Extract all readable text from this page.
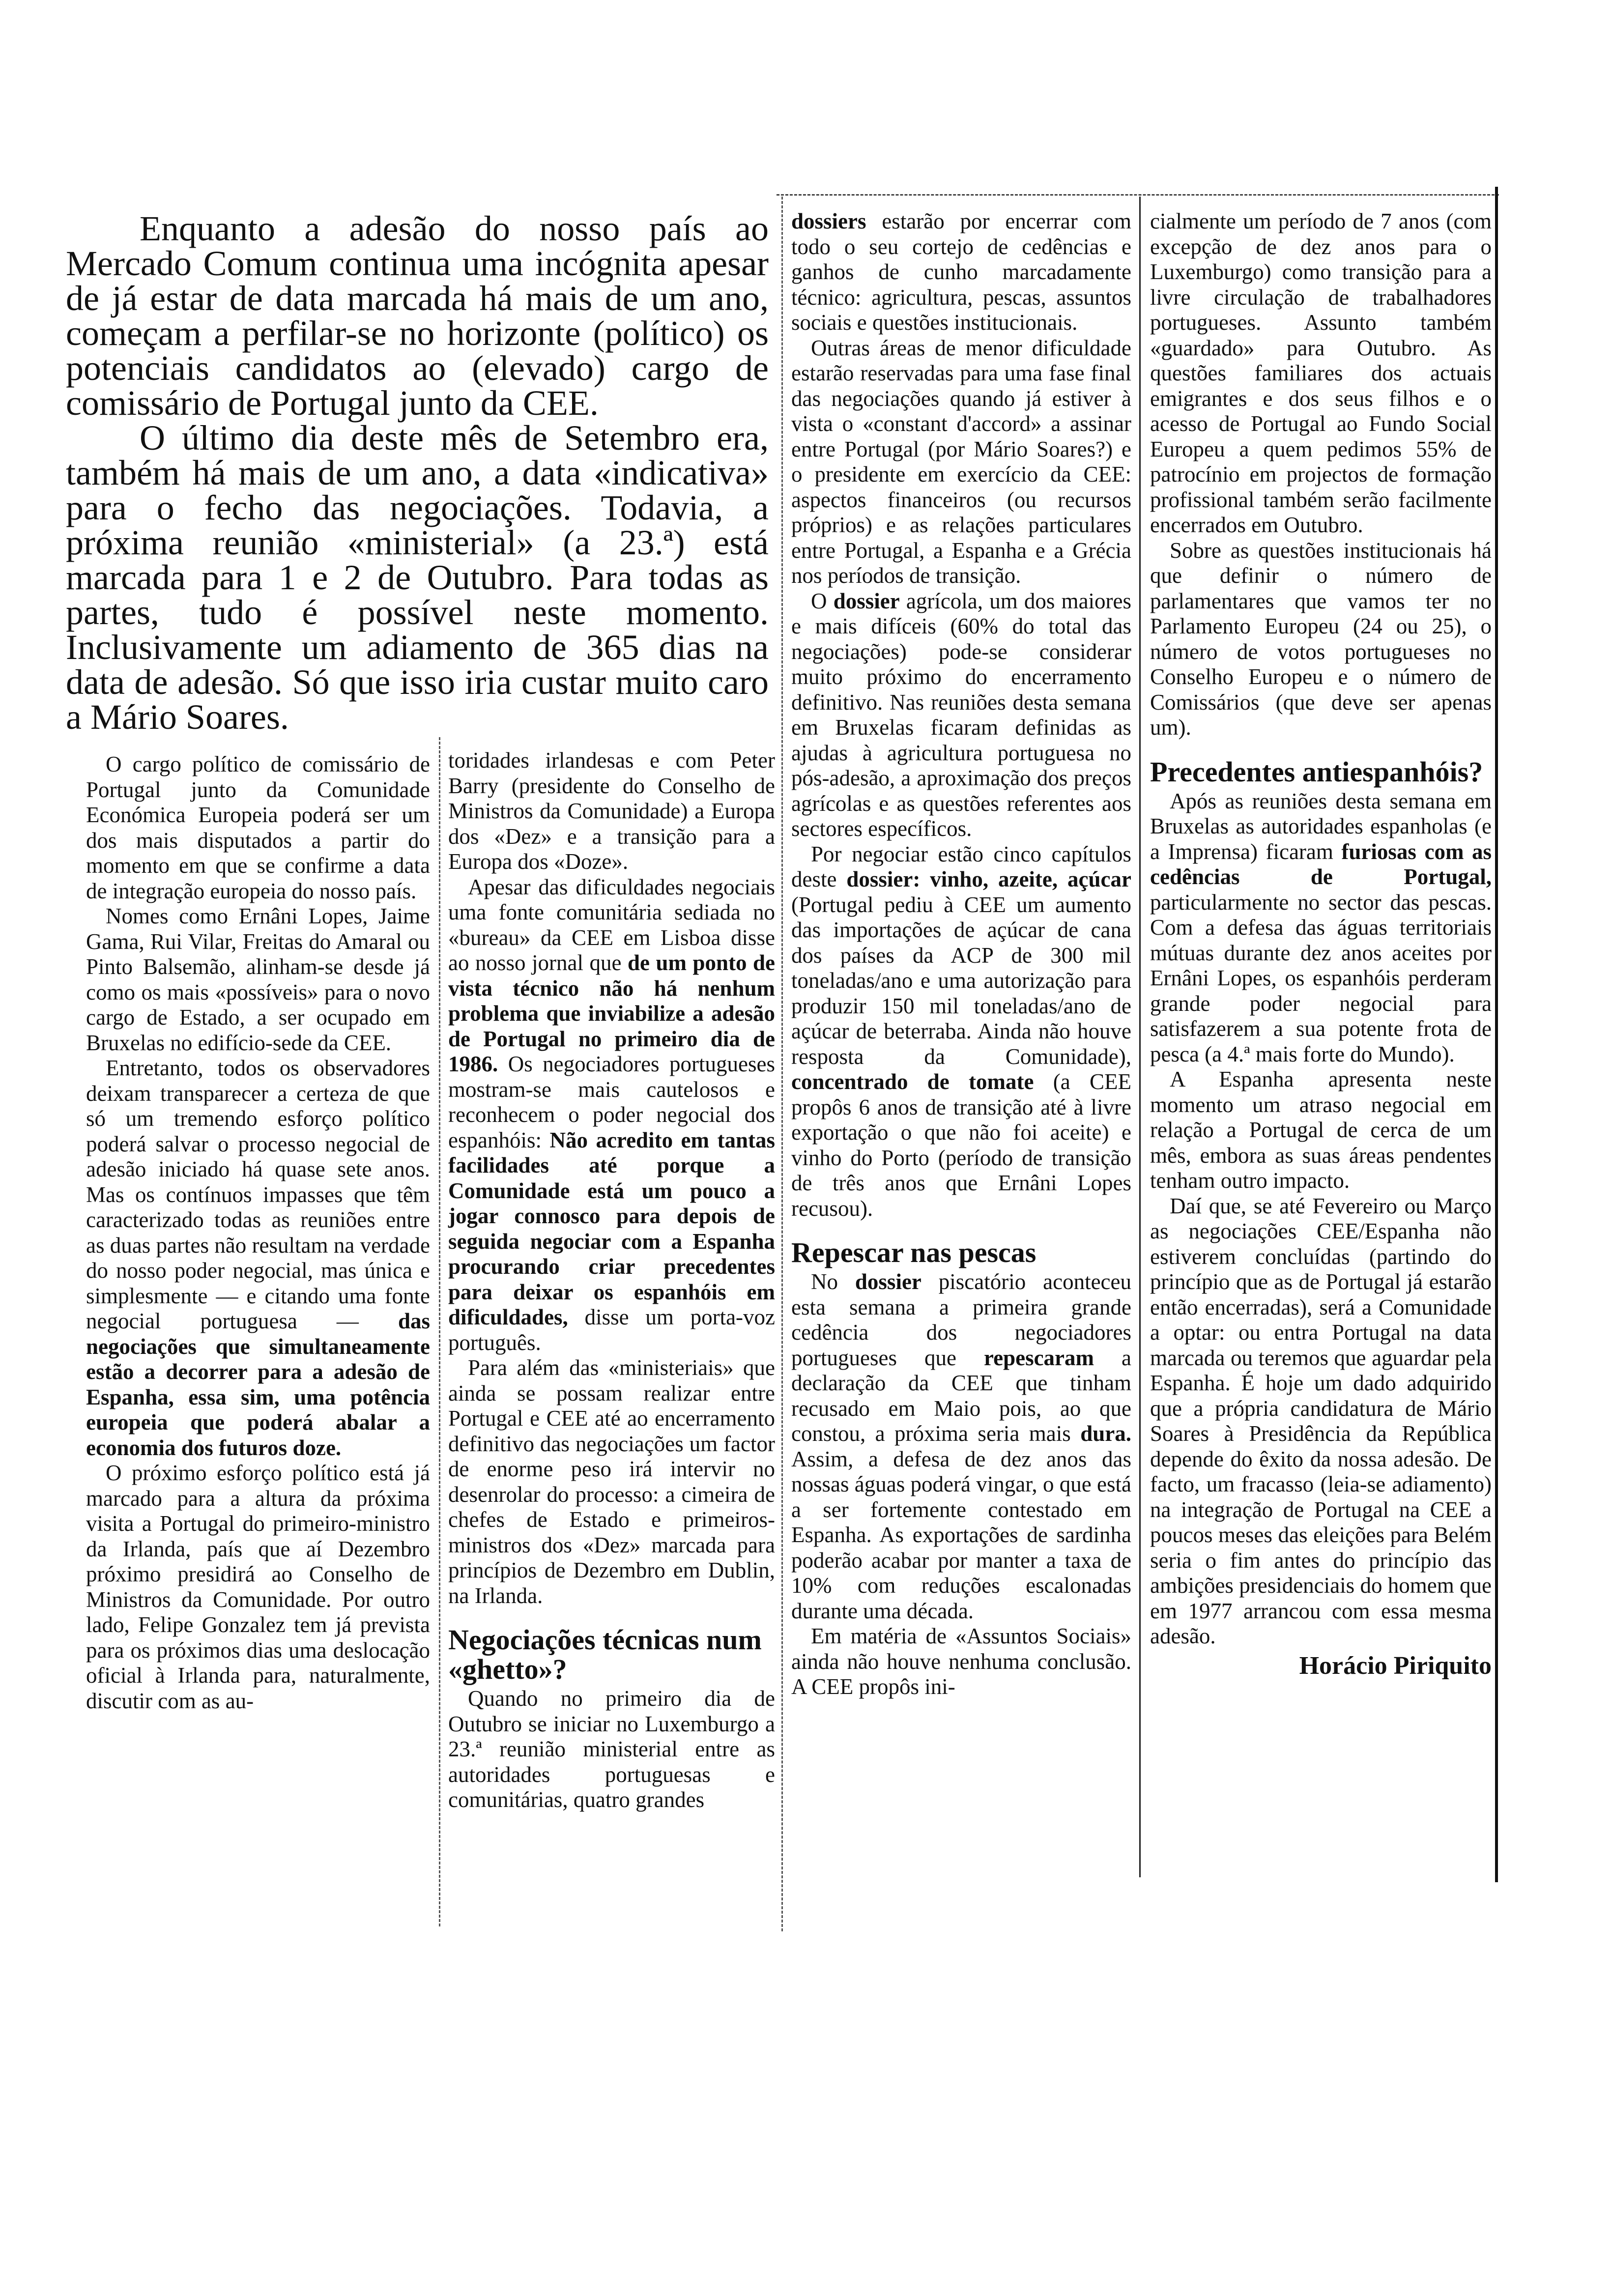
Enquanto a adesão do nosso país ao Mercado Comum continua uma incógnita apesar de já estar de data marcada há mais de um ano, começam a perfilar-se no horizonte (político) os potenciais candidatos ao (elevado) cargo de comissário de Portugal junto da CEE.

O último dia deste mês de Setembro era, também há mais de um ano, a data «indicativa» para o fecho das negociações. Todavia, a próxima reunião «ministerial» (a 23.ª) está marcada para 1 e 2 de Outubro. Para todas as partes, tudo é possível neste momento. Inclusivamente um adiamento de 365 dias na data de adesão. Só que isso iria custar muito caro a Mário Soares.

O cargo político de comissário de Portugal junto da Comunidade Económica Europeia poderá ser um dos mais disputados a partir do momento em que se confirme a data de integração europeia do nosso país.

Nomes como Ernâni Lopes, Jaime Gama, Rui Vilar, Freitas do Amaral ou Pinto Balsemão, alinham-se desde já como os mais «possíveis» para o novo cargo de Estado, a ser ocupado em Bruxelas no edifício-sede da CEE.

Entretanto, todos os observadores deixam transparecer a certeza de que só um tremendo esforço político poderá salvar o processo negocial de adesão iniciado há quase sete anos. Mas os contínuos impasses que têm caracterizado todas as reuniões entre as duas partes não resultam na verdade do nosso poder negocial, mas única e simplesmente — e citando uma fonte negocial portuguesa — das negociações que simultaneamente estão a decorrer para a adesão de Espanha, essa sim, uma potência europeia que poderá abalar a economia dos futuros doze.

O próximo esforço político está já marcado para a altura da próxima visita a Portugal do primeiro-ministro da Irlanda, país que aí Dezembro próximo presidirá ao Conselho de Ministros da Comunidade. Por outro lado, Felipe Gonzalez tem já prevista para os próximos dias uma deslocação oficial à Irlanda para, naturalmente, discutir com as au-

toridades irlandesas e com Peter Barry (presidente do Conselho de Ministros da Comunidade) a Europa dos «Dez» e a transição para a Europa dos «Doze».

Apesar das dificuldades negociais uma fonte comunitária sediada no «bureau» da CEE em Lisboa disse ao nosso jornal que de um ponto de vista técnico não há nenhum problema que inviabilize a adesão de Portugal no primeiro dia de 1986. Os negociadores portugueses mostram-se mais cautelosos e reconhecem o poder negocial dos espanhóis: Não acredito em tantas facilidades até porque a Comunidade está um pouco a jogar connosco para depois de seguida negociar com a Espanha procurando criar precedentes para deixar os espanhóis em dificuldades, disse um porta-voz português.

Para além das «ministeriais» que ainda se possam realizar entre Portugal e CEE até ao encerramento definitivo das negociações um factor de enorme peso irá intervir no desenrolar do processo: a cimeira de chefes de Estado e primeiros-ministros dos «Dez» marcada para princípios de Dezembro em Dublin, na Irlanda.

Negociações técnicas num «ghetto»?

Quando no primeiro dia de Outubro se iniciar no Luxemburgo a 23.ª reunião ministerial entre as autoridades portuguesas e comunitárias, quatro grandes

dossiers estarão por encerrar com todo o seu cortejo de cedências e ganhos de cunho marcadamente técnico: agricultura, pescas, assuntos sociais e questões institucionais.

Outras áreas de menor dificuldade estarão reservadas para uma fase final das negociações quando já estiver à vista o «constant d'accord» a assinar entre Portugal (por Mário Soares?) e o presidente em exercício da CEE: aspectos financeiros (ou recursos próprios) e as relações particulares entre Portugal, a Espanha e a Grécia nos períodos de transição.

O dossier agrícola, um dos maiores e mais difíceis (60% do total das negociações) pode-se considerar muito próximo do encerramento definitivo. Nas reuniões desta semana em Bruxelas ficaram definidas as ajudas à agricultura portuguesa no pós-adesão, a aproximação dos preços agrícolas e as questões referentes aos sectores específicos.

Por negociar estão cinco capítulos deste dossier: vinho, azeite, açúcar (Portugal pediu à CEE um aumento das importações de açúcar de cana dos países da ACP de 300 mil toneladas/ano e uma autorização para produzir 150 mil toneladas/ano de açúcar de beterraba. Ainda não houve resposta da Comunidade), concentrado de tomate (a CEE propôs 6 anos de transição até à livre exportação o que não foi aceite) e vinho do Porto (período de transição de três anos que Ernâni Lopes recusou).

Repescar nas pescas

No dossier piscatório aconteceu esta semana a primeira grande cedência dos negociadores portugueses que repescaram a declaração da CEE que tinham recusado em Maio pois, ao que constou, a próxima seria mais dura. Assim, a defesa de dez anos das nossas águas poderá vingar, o que está a ser fortemente contestado em Espanha. As exportações de sardinha poderão acabar por manter a taxa de 10% com reduções escalonadas durante uma década.

Em matéria de «Assuntos Sociais» ainda não houve nenhuma conclusão. A CEE propôs ini-

cialmente um período de 7 anos (com excepção de dez anos para o Luxemburgo) como transição para a livre circulação de trabalhadores portugueses. Assunto também «guardado» para Outubro. As questões familiares dos actuais emigrantes e dos seus filhos e o acesso de Portugal ao Fundo Social Europeu a quem pedimos 55% de patrocínio em projectos de formação profissional também serão facilmente encerrados em Outubro.

Sobre as questões institucionais há que definir o número de parlamentares que vamos ter no Parlamento Europeu (24 ou 25), o número de votos portugueses no Conselho Europeu e o número de Comissários (que deve ser apenas um).

Precedentes antiespanhóis?

Após as reuniões desta semana em Bruxelas as autoridades espanholas (e a Imprensa) ficaram furiosas com as cedências de Portugal, particularmente no sector das pescas. Com a defesa das águas territoriais mútuas durante dez anos aceites por Ernâni Lopes, os espanhóis perderam grande poder negocial para satisfazerem a sua potente frota de pesca (a 4.ª mais forte do Mundo).

A Espanha apresenta neste momento um atraso negocial em relação a Portugal de cerca de um mês, embora as suas áreas pendentes tenham outro impacto.

Daí que, se até Fevereiro ou Março as negociações CEE/Espanha não estiverem concluídas (partindo do princípio que as de Portugal já estarão então encerradas), será a Comunidade a optar: ou entra Portugal na data marcada ou teremos que aguardar pela Espanha. É hoje um dado adquirido que a própria candidatura de Mário Soares à Presidência da República depende do êxito da nossa adesão. De facto, um fracasso (leia-se adiamento) na integração de Portugal na CEE a poucos meses das eleições para Belém seria o fim antes do princípio das ambições presidenciais do homem que em 1977 arrancou com essa mesma adesão.

Horácio Piriquito
